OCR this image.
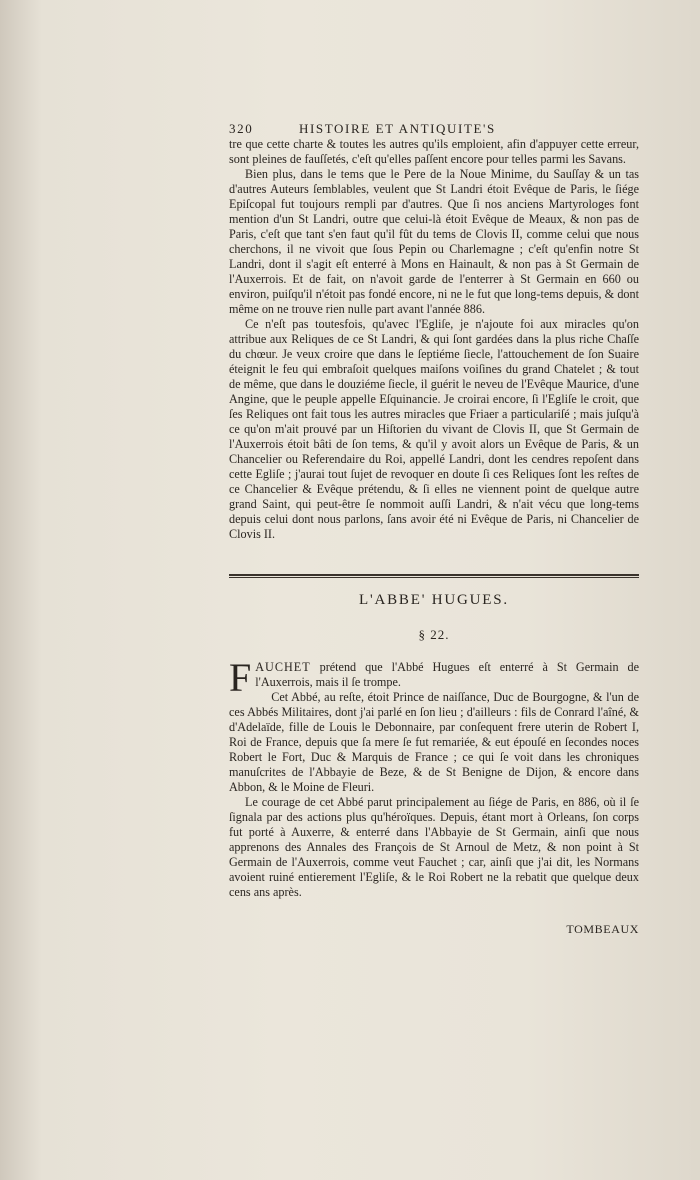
320	HISTOIRE ET ANTIQUITE'S

tre que cette charte & toutes les autres qu'ils emploient, afin d'appuyer cette erreur, sont pleines de fauſſetés, c'eſt qu'elles paſſent encore pour telles parmi les Savans.

Bien plus, dans le tems que le Pere de la Noue Minime, du Sauſſay & un tas d'autres Auteurs ſemblables, veulent que St Landri étoit Evêque de Paris, le ſiége Epiſcopal fut toujours rempli par d'autres. Que ſi nos anciens Martyrologes font mention d'un St Landri, outre que celui-là étoit Evêque de Meaux, & non pas de Paris, c'eſt que tant s'en faut qu'il fût du tems de Clovis II, comme celui que nous cherchons, il ne vivoit que ſous Pepin ou Charlemagne ; c'eſt qu'enfin notre St Landri, dont il s'agit eſt enterré à Mons en Hainault, & non pas à St Germain de l'Auxerrois. Et de fait, on n'avoit garde de l'enterrer à St Germain en 660 ou environ, puiſqu'il n'étoit pas fondé encore, ni ne le fut que long-tems depuis, & dont même on ne trouve rien nulle part avant l'année 886.

Ce n'eſt pas toutesfois, qu'avec l'Egliſe, je n'ajoute foi aux miracles qu'on attribue aux Reliques de ce St Landri, & qui ſont gardées dans la plus riche Chaſſe du chœur. Je veux croire que dans le ſeptiéme ſiecle, l'attouchement de ſon Suaire éteignit le feu qui embraſoit quelques maiſons voiſines du grand Chatelet ; & tout de même, que dans le douziéme ſiecle, il guérit le neveu de l'Evêque Maurice, d'une Angine, que le peuple appelle Eſquinancie. Je croirai encore, ſi l'Egliſe le croit, que ſes Reliques ont fait tous les autres miracles que Friaer a particulariſé ; mais juſqu'à ce qu'on m'ait prouvé par un Hiſtorien du vivant de Clovis II, que St Germain de l'Auxerrois étoit bâti de ſon tems, & qu'il y avoit alors un Evêque de Paris, & un Chancelier ou Referendaire du Roi, appellé Landri, dont les cendres repoſent dans cette Egliſe ; j'aurai tout ſujet de revoquer en doute ſi ces Reliques ſont les reſtes de ce Chancelier & Evêque prétendu, & ſi elles ne viennent point de quelque autre grand Saint, qui peut-être ſe nommoit auſſi Landri, & n'ait vécu que long-tems depuis celui dont nous parlons, ſans avoir été ni Evêque de Paris, ni Chancelier de Clovis II.

L'ABBE' HUGUES.
§ 22.

FAUCHET prétend que l'Abbé Hugues eſt enterré à St Germain de l'Auxerrois, mais il ſe trompe.

Cet Abbé, au reſte, étoit Prince de naiſſance, Duc de Bourgogne, & l'un de ces Abbés Militaires, dont j'ai parlé en ſon lieu ; d'ailleurs : fils de Conrard l'aîné, & d'Adelaïde, fille de Louis le Debonnaire, par conſequent frere uterin de Robert I, Roi de France, depuis que ſa mere ſe fut remariée, & eut épouſé en ſecondes noces Robert le Fort, Duc & Marquis de France ; ce qui ſe voit dans les chroniques manuſcrites de l'Abbayie de Beze, & de St Benigne de Dijon, & encore dans Abbon, & le Moine de Fleuri.

Le courage de cet Abbé parut principalement au ſiége de Paris, en 886, où il ſe ſignala par des actions plus qu'héroïques. Depuis, étant mort à Orleans, ſon corps fut porté à Auxerre, & enterré dans l'Abbayie de St Germain, ainſi que nous apprenons des Annales des François de St Arnoul de Metz, & non point à St Germain de l'Auxerrois, comme veut Fauchet ; car, ainſi que j'ai dit, les Normans avoient ruiné entierement l'Egliſe, & le Roi Robert ne la rebatit que quelque deux cens ans après.

TOMBEAUX
